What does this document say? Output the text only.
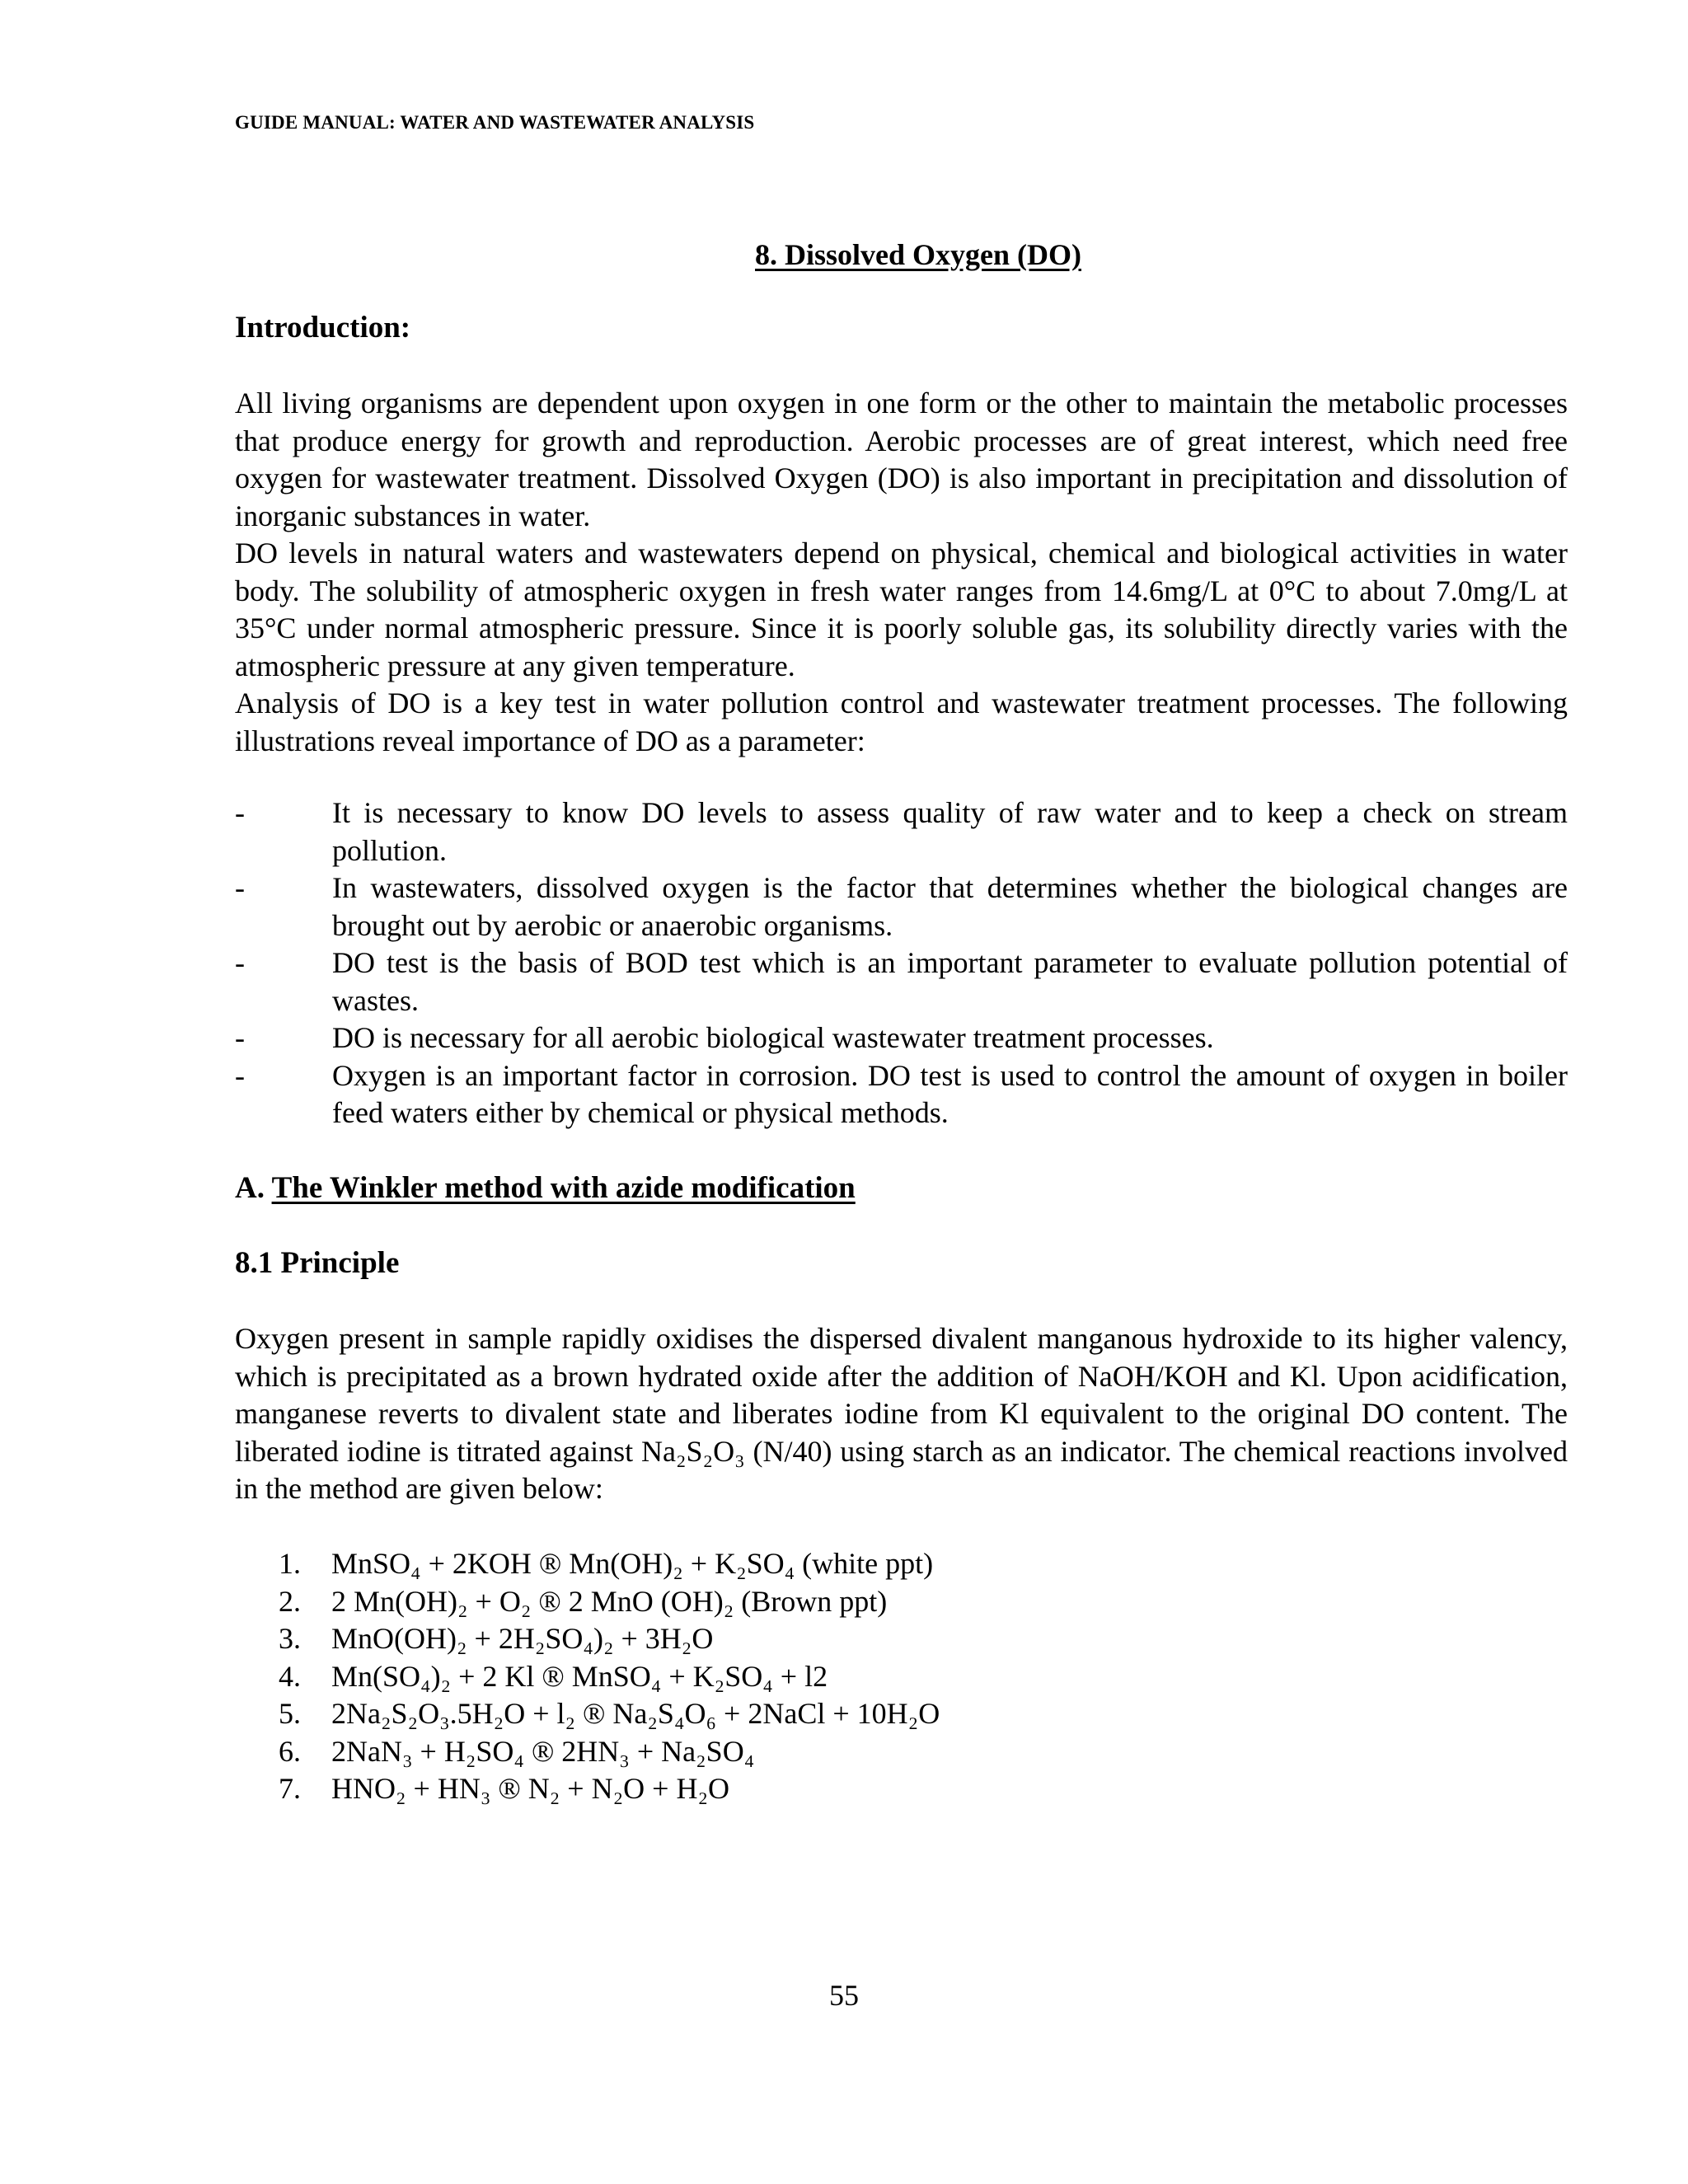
GUIDE MANUAL: WATER AND WASTEWATER ANALYSIS
8. Dissolved Oxygen (DO)
Introduction:

All living organisms are dependent upon oxygen in one form or the other to maintain the metabolic processes that produce energy for growth and reproduction. Aerobic processes are of great interest, which need free oxygen for wastewater treatment. Dissolved Oxygen (DO) is also important in precipitation and dissolution of inorganic substances in water.

DO levels in natural waters and wastewaters depend on physical, chemical and biological activities in water body. The solubility of atmospheric oxygen in fresh water ranges from 14.6mg/L at 0°C to about 7.0mg/L at 35°C under normal atmospheric pressure. Since it is poorly soluble gas, its solubility directly varies with the atmospheric pressure at any given temperature.

Analysis of DO is a key test in water pollution control and wastewater treatment processes. The following illustrations reveal importance of DO as a parameter:

-	It is necessary to know DO levels to assess quality of raw water and to keep a check on stream pollution.
-	In wastewaters, dissolved oxygen is the factor that determines whether the biological changes are brought out by aerobic or anaerobic organisms.
-	DO test is the basis of BOD test which is an important parameter to evaluate pollution potential of wastes.
-	DO is necessary for all aerobic biological wastewater treatment processes.
-	Oxygen is an important factor in corrosion. DO test is used to control the amount of oxygen in boiler feed waters either by chemical or physical methods.
A. The Winkler method with azide modification
8.1 Principle

Oxygen present in sample rapidly oxidises the dispersed divalent manganous hydroxide to its higher valency, which is precipitated as a brown hydrated oxide after the addition of NaOH/KOH and Kl. Upon acidification, manganese reverts to divalent state and liberates iodine from Kl equivalent to the original DO content. The liberated iodine is titrated against Na₂S₂O₃ (N/40) using starch as an indicator. The chemical reactions involved in the method are given below:

1. MnSO₄ + 2KOH ® Mn(OH)₂ + K₂SO₄ (white ppt)
2. 2 Mn(OH)₂ + O₂ ® 2 MnO (OH)₂ (Brown ppt)
3. MnO(OH)₂ + 2H₂SO₄)₂ + 3H₂O
4. Mn(SO₄)₂ + 2 Kl ® MnSO₄ + K₂SO₄ + l2
5. 2Na₂S₂O₃.5H₂O + l₂ ® Na₂S₄O₆ + 2NaCl + 10H₂O
6. 2NaN₃ + H₂SO₄ ® 2HN₃ + Na₂SO₄
7. HNO₂ + HN₃ ® N₂ + N₂O + H₂O
55
